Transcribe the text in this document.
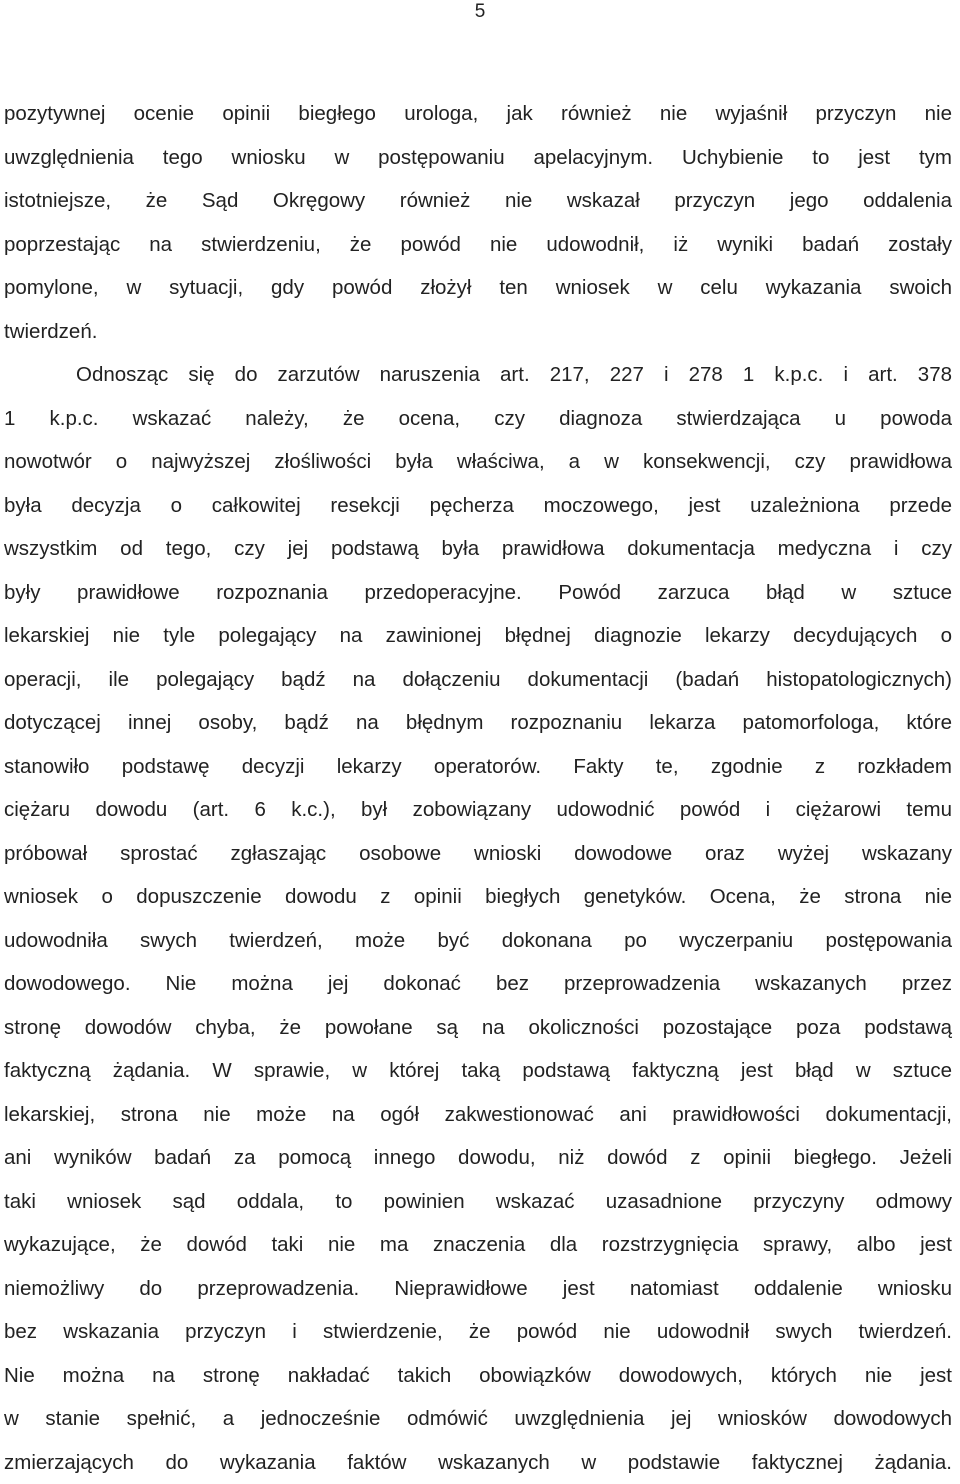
5
pozytywnej ocenie opinii biegłego urologa, jak również nie wyjaśnił przyczyn nie
uwzględnienia tego wniosku w postępowaniu apelacyjnym. Uchybienie to jest tym
istotniejsze, że Sąd Okręgowy również nie wskazał przyczyn jego oddalenia
poprzestając na stwierdzeniu, że powód nie udowodnił, iż wyniki badań zostały
pomylone, w sytuacji, gdy powód złożył ten wniosek w celu wykazania swoich
twierdzeń.
Odnosząc się do zarzutów naruszenia art. 217, 227 i 278 1 k.p.c. i art. 378
1 k.p.c. wskazać należy, że ocena, czy diagnoza stwierdzająca u powoda
nowotwór o najwyższej złośliwości była właściwa, a w konsekwencji, czy prawidłowa
była decyzja o całkowitej resekcji pęcherza moczowego, jest uzależniona przede
wszystkim od tego, czy jej podstawą była prawidłowa dokumentacja medyczna i czy
były prawidłowe rozpoznania przedoperacyjne. Powód zarzuca błąd w sztuce
lekarskiej nie tyle polegający na zawinionej błędnej diagnozie lekarzy decydujących o
operacji, ile polegający bądź na dołączeniu dokumentacji (badań histopatologicznych)
dotyczącej innej osoby, bądź na błędnym rozpoznaniu lekarza patomorfologa, które
stanowiło podstawę decyzji lekarzy operatorów. Fakty te, zgodnie z rozkładem
ciężaru dowodu (art. 6 k.c.), był zobowiązany udowodnić powód i ciężarowi temu
próbował sprostać zgłaszając osobowe wnioski dowodowe oraz wyżej wskazany
wniosek o dopuszczenie dowodu z opinii biegłych genetyków. Ocena, że strona nie
udowodniła swych twierdzeń, może być dokonana po wyczerpaniu postępowania
dowodowego. Nie można jej dokonać bez przeprowadzenia wskazanych przez
stronę dowodów chyba, że powołane są na okoliczności pozostające poza podstawą
faktyczną żądania. W sprawie, w której taką podstawą faktyczną jest błąd w sztuce
lekarskiej, strona nie może na ogół zakwestionować ani prawidłowości dokumentacji,
ani wyników badań za pomocą innego dowodu, niż dowód z opinii biegłego. Jeżeli
taki wniosek sąd oddala, to powinien wskazać uzasadnione przyczyny odmowy
wykazujące, że dowód taki nie ma znaczenia dla rozstrzygnięcia sprawy, albo jest
niemożliwy do przeprowadzenia. Nieprawidłowe jest natomiast oddalenie wniosku
bez wskazania przyczyn i stwierdzenie, że powód nie udowodnił swych twierdzeń.
Nie można na stronę nakładać takich obowiązków dowodowych, których nie jest
w stanie spełnić, a jednocześnie odmówić uwzględnienia jej wniosków dowodowych
zmierzających do wykazania faktów wskazanych w podstawie faktycznej żądania.
